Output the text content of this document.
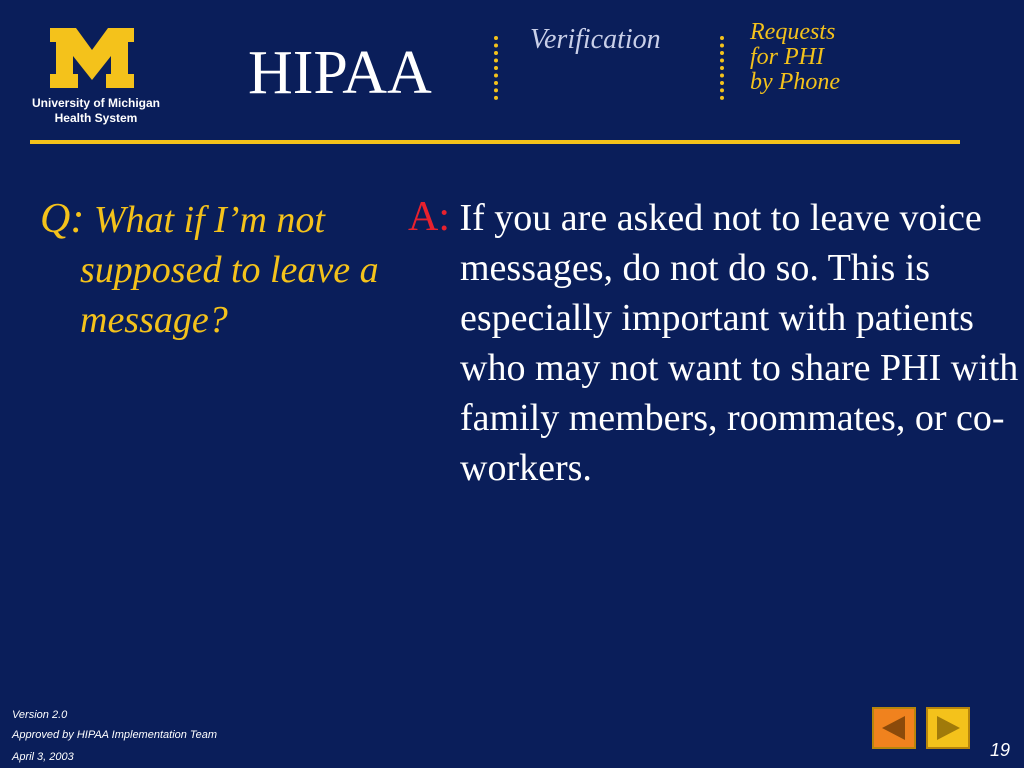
University of Michigan
Health System
HIPAA	Verification	Requests
for PHI
by Phone
Q: What if I’m not supposed to leave a message?
A: If you are asked not to leave voice messages, do not do so. This is especially important with patients who may not want to share PHI with family members, roommates, or co-workers.
Version 2.0
Approved by HIPAA Implementation Team
April 3, 2003	19
